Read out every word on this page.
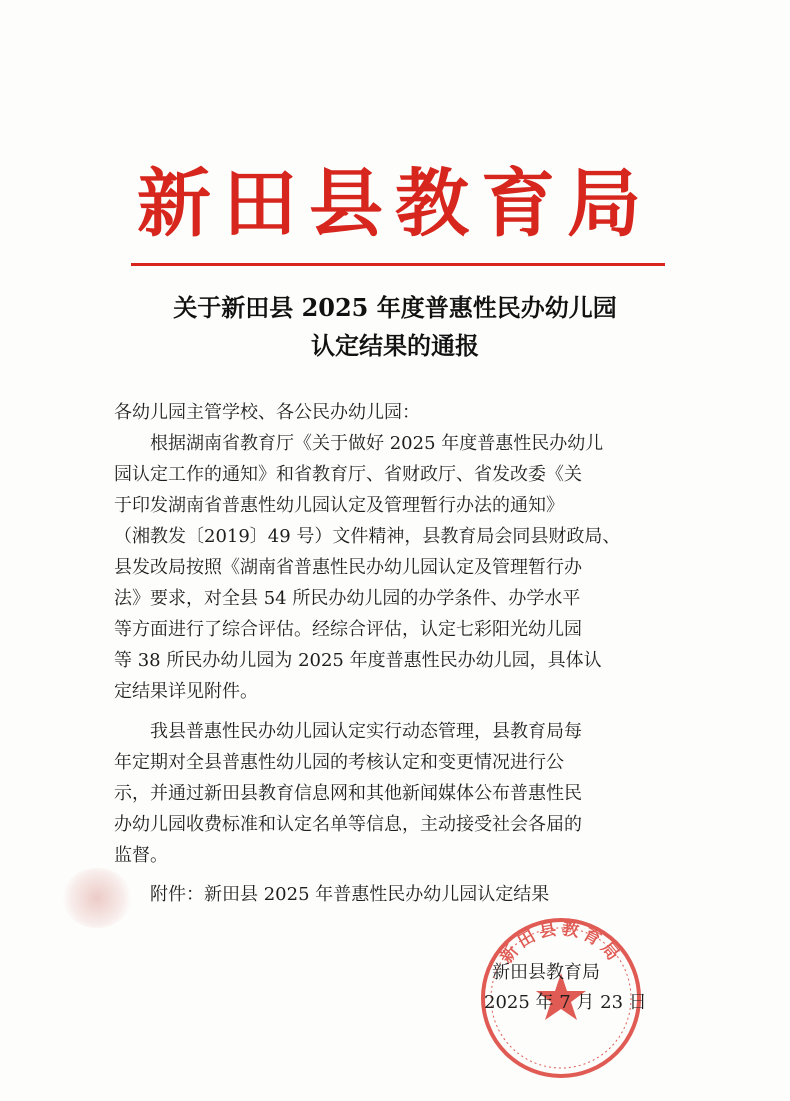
新田县教育局
关于新田县 2025 年度普惠性民办幼儿园
认定结果的通报
各幼儿园主管学校、各公民办幼儿园：
根据湖南省教育厅《关于做好 2025 年度普惠性民办幼儿
园认定工作的通知》和省教育厅、省财政厅、省发改委《关
于印发湖南省普惠性幼儿园认定及管理暂行办法的通知》
（湘教发〔2019〕49 号）文件精神，县教育局会同县财政局、
县发改局按照《湖南省普惠性民办幼儿园认定及管理暂行办
法》要求，对全县 54 所民办幼儿园的办学条件、办学水平
等方面进行了综合评估。经综合评估，认定七彩阳光幼儿园
等 38 所民办幼儿园为 2025 年度普惠性民办幼儿园，具体认
定结果详见附件。
我县普惠性民办幼儿园认定实行动态管理，县教育局每
年定期对全县普惠性幼儿园的考核认定和变更情况进行公
示，并通过新田县教育信息网和其他新闻媒体公布普惠性民
办幼儿园收费标准和认定名单等信息，主动接受社会各届的
监督。
附件：新田县 2025 年普惠性民办幼儿园认定结果
新田县教育局
新田县教育局
2025 年 7 月 23 日
